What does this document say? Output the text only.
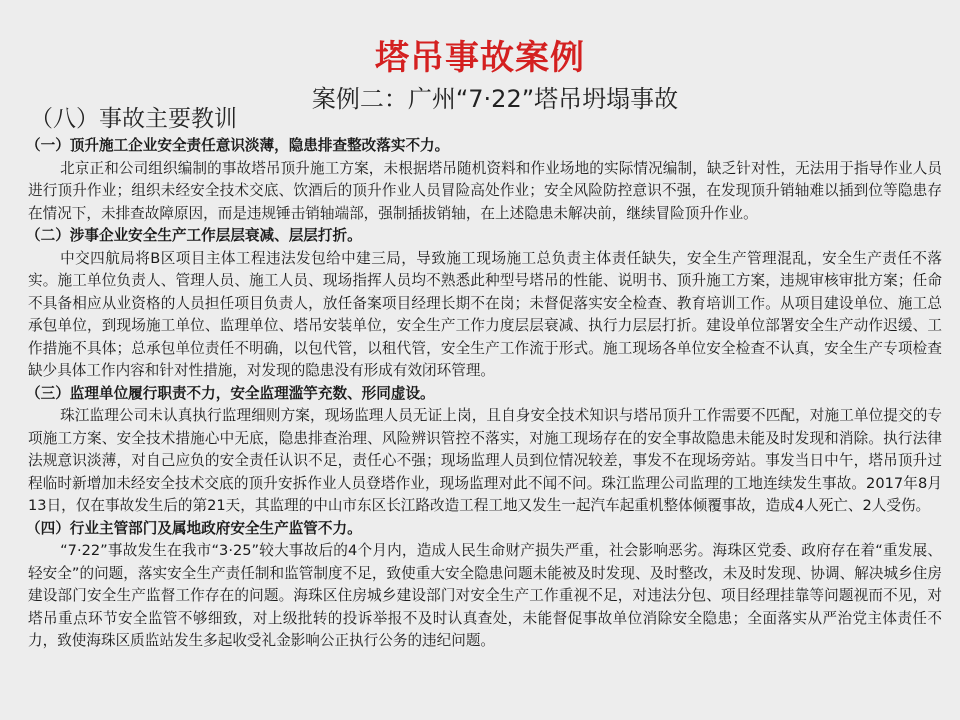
塔吊事故案例
案例二：广州“7·22”塔吊坍塌事故
（八）事故主要教训

（一）顶升施工企业安全责任意识淡薄，隐患排查整改落实不力。

北京正和公司组织编制的事故塔吊顶升施工方案，未根据塔吊随机资料和作业场地的实际情况编制，缺乏针对性，无法用于指导作业人员进行顶升作业；组织未经安全技术交底、饮酒后的顶升作业人员冒险高处作业；安全风险防控意识不强，在发现顶升销轴难以插到位等隐患存在情况下，未排查故障原因，而是违规锤击销轴端部，强制插拔销轴，在上述隐患未解决前，继续冒险顶升作业。

（二）涉事企业安全生产工作层层衰减、层层打折。

中交四航局将B区项目主体工程违法发包给中建三局，导致施工现场施工总负责主体责任缺失，安全生产管理混乱，安全生产责任不落实。施工单位负责人、管理人员、施工人员、现场指挥人员均不熟悉此种型号塔吊的性能、说明书、顶升施工方案，违规审核审批方案；任命不具备相应从业资格的人员担任项目负责人，放任备案项目经理长期不在岗；未督促落实安全检查、教育培训工作。从项目建设单位、施工总承包单位，到现场施工单位、监理单位、塔吊安装单位，安全生产工作力度层层衰减、执行力层层打折。建设单位部署安全生产动作迟缓、工作措施不具体；总承包单位责任不明确，以包代管，以租代管，安全生产工作流于形式。施工现场各单位安全检查不认真，安全生产专项检查缺少具体工作内容和针对性措施，对发现的隐患没有形成有效闭环管理。

（三）监理单位履行职责不力，安全监理滥竽充数、形同虚设。

珠江监理公司未认真执行监理细则方案，现场监理人员无证上岗，且自身安全技术知识与塔吊顶升工作需要不匹配，对施工单位提交的专项施工方案、安全技术措施心中无底，隐患排查治理、风险辨识管控不落实，对施工现场存在的安全事故隐患未能及时发现和消除。执行法律法规意识淡薄，对自己应负的安全责任认识不足，责任心不强；现场监理人员到位情况较差，事发不在现场旁站。事发当日中午，塔吊顶升过程临时新增加未经安全技术交底的顶升安拆作业人员登塔作业，现场监理对此不闻不问。珠江监理公司监理的工地连续发生事故。2017年8月13日，仅在事故发生后的第21天，其监理的中山市东区长江路改造工程工地又发生一起汽车起重机整体倾覆事故，造成4人死亡、2人受伤。

（四）行业主管部门及属地政府安全生产监管不力。

“7·22”事故发生在我市“3·25”较大事故后的4个月内，造成人民生命财产损失严重，社会影响恶劣。海珠区党委、政府存在着“重发展、轻安全”的问题，落实安全生产责任制和监管制度不足，致使重大安全隐患问题未能被及时发现、及时整改，未及时发现、协调、解决城乡住房建设部门安全生产监督工作存在的问题。海珠区住房城乡建设部门对安全生产工作重视不足，对违法分包、项目经理挂靠等问题视而不见，对塔吊重点环节安全监管不够细致，对上级批转的投诉举报不及时认真查处，未能督促事故单位消除安全隐患；全面落实从严治党主体责任不力，致使海珠区质监站发生多起收受礼金影响公正执行公务的违纪问题。
